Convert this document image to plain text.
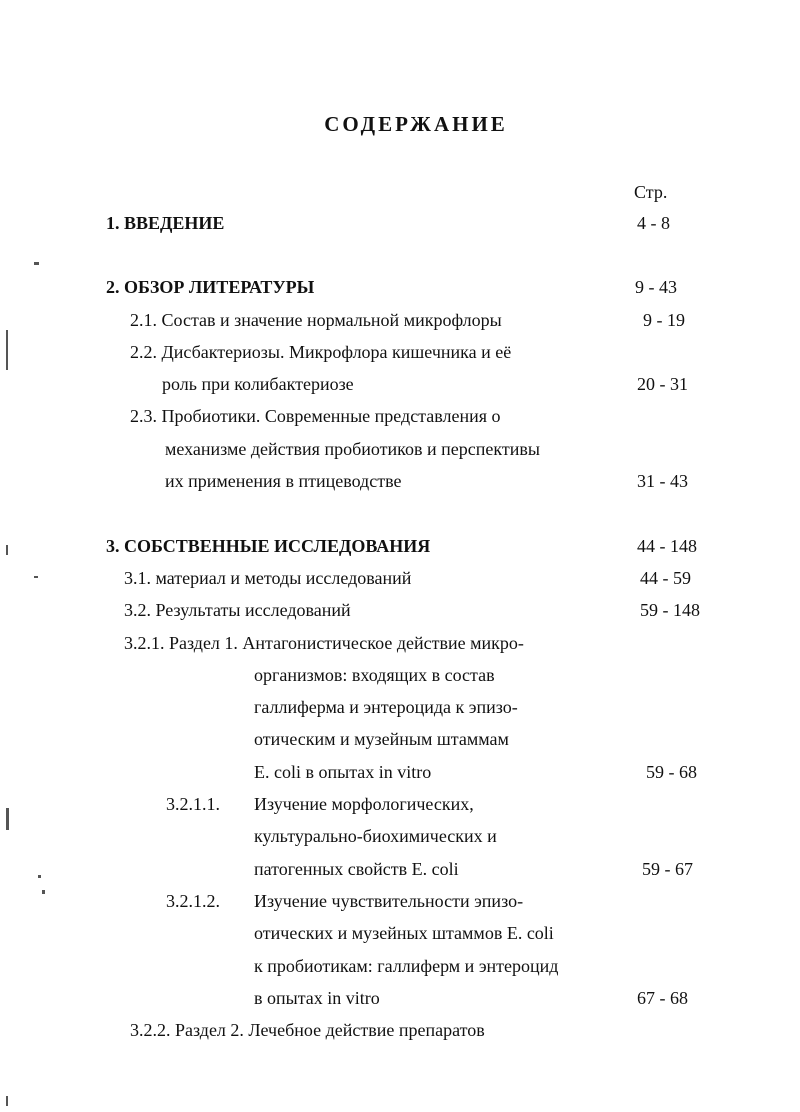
СОДЕРЖАНИЕ
Стр.
1. ВВЕДЕНИЕ	4 - 8
2. ОБЗОР ЛИТЕРАТУРЫ	9 - 43
2.1. Состав и значение нормальной микрофлоры	9 - 19
2.2. Дисбактериозы. Микрофлора кишечника и её
роль при колибактериозе	20 - 31
2.3. Пробиотики. Современные представления о
механизме действия пробиотиков и перспективы
их применения в птицеводстве	31 - 43
3. СОБСТВЕННЫЕ ИССЛЕДОВАНИЯ	44 - 148
3.1. материал и методы исследований	44 - 59
3.2. Результаты исследований	59 - 148
3.2.1. Раздел 1. Антагонистическое действие микро-
организмов: входящих в состав
галлиферма и энтероцида к эпизо-
отическим и музейным штаммам
E. coli в опытах in vitro	59 - 68
3.2.1.1. Изучение морфологических,
культурально-биохимических и
патогенных свойств E. coli	59 - 67
3.2.1.2. Изучение чувствительности эпизо-
отических и музейных штаммов E. coli
к пробиотикам: галлиферм и энтероцид
в опытах in vitro	67 - 68
3.2.2. Раздел 2. Лечебное действие препаратов
